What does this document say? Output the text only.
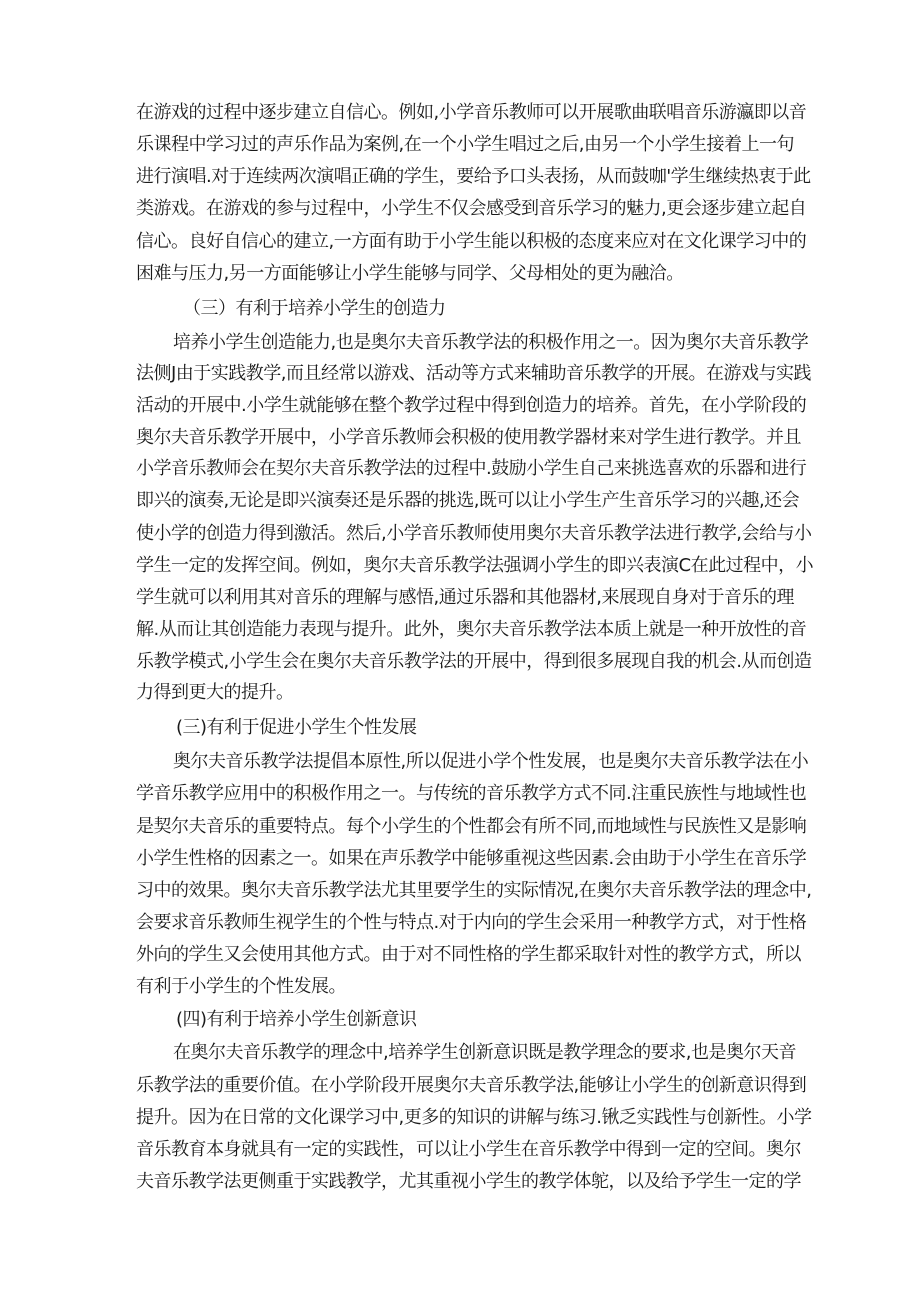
在游戏的过程中逐步建立自信心。例如,小学音乐教师可以开展歌曲联唱音乐游瀛即以音
乐课程中学习过的声乐作品为案例,在一个小学生唱过之后,由另一个小学生接着上一句
进行演唱.对于连续两次演唱正确的学生，要给予口头表扬，从而鼓咖'学生继续热衷于此
类游戏。在游戏的参与过程中，小学生不仅会感受到音乐学习的魅力,更会逐步建立起自
信心。良好自信心的建立,一方面有助于小学生能以积极的态度来应对在文化课学习中的
困难与压力,另一方面能够让小学生能够与同学、父母相处的更为融洽。
（三）有利于培养小学生的创造力
培养小学生创造能力,也是奥尔夫音乐教学法的积极作用之一。因为奥尔夫音乐教学
法侧J由于实践教学,而且经常以游戏、活动等方式来辅助音乐教学的开展。在游戏与实践
活动的开展中.小学生就能够在整个教学过程中得到创造力的培养。首先，在小学阶段的
奥尔夫音乐教学开展中，小学音乐教师会积极的使用教学器材来对学生进行教学。并且
小学音乐教师会在契尔夫音乐教学法的过程中.鼓励小学生自己来挑选喜欢的乐器和进行
即兴的演奏,无论是即兴演奏还是乐器的挑选,既可以让小学生产生音乐学习的兴趣,还会
使小学的创造力得到激活。然后,小学音乐教师使用奥尔夫音乐教学法进行教学,会给与小
学生一定的发挥空间。例如，奥尔夫音乐教学法强调小学生的即兴表演C在此过程中，小
学生就可以利用其对音乐的理解与感悟,通过乐器和其他器材,来展现自身对于音乐的理
解.从而让其创造能力表现与提升。此外，奥尔夫音乐教学法本质上就是一种开放性的音
乐教学模式,小学生会在奥尔夫音乐教学法的开展中，得到很多展现自我的机会.从而创造
力得到更大的提升。
(三)有利于促进小学生个性发展
奥尔夫音乐教学法提倡本原性,所以促进小学个性发展，也是奥尔夫音乐教学法在小
学音乐教学应用中的积极作用之一。与传统的音乐教学方式不同.注重民族性与地域性也
是契尔夫音乐的重要特点。每个小学生的个性都会有所不同,而地域性与民族性又是影响
小学生性格的因素之一。如果在声乐教学中能够重视这些因素.会由助于小学生在音乐学
习中的效果。奥尔夫音乐教学法尤其里要学生的实际情况,在奥尔夫音乐教学法的理念中,
会要求音乐教师生视学生的个性与特点.对于内向的学生会采用一种教学方式，对于性格
外向的学生又会使用其他方式。由于对不同性格的学生都采取针对性的教学方式，所以
有利于小学生的个性发展。
(四)有利于培养小学生创新意识
在奥尔夫音乐教学的理念中,培养学生创新意识既是教学理念的要求,也是奥尔天音
乐教学法的重要价值。在小学阶段开展奥尔夫音乐教学法,能够让小学生的创新意识得到
提升。因为在日常的文化课学习中,更多的知识的讲解与练习.锹乏实践性与创新性。小学
音乐教育本身就具有一定的实践性，可以让小学生在音乐教学中得到一定的空间。奥尔
夫音乐教学法更侧重于实践教学，尤其重视小学生的教学体鸵，以及给予学生一定的学
